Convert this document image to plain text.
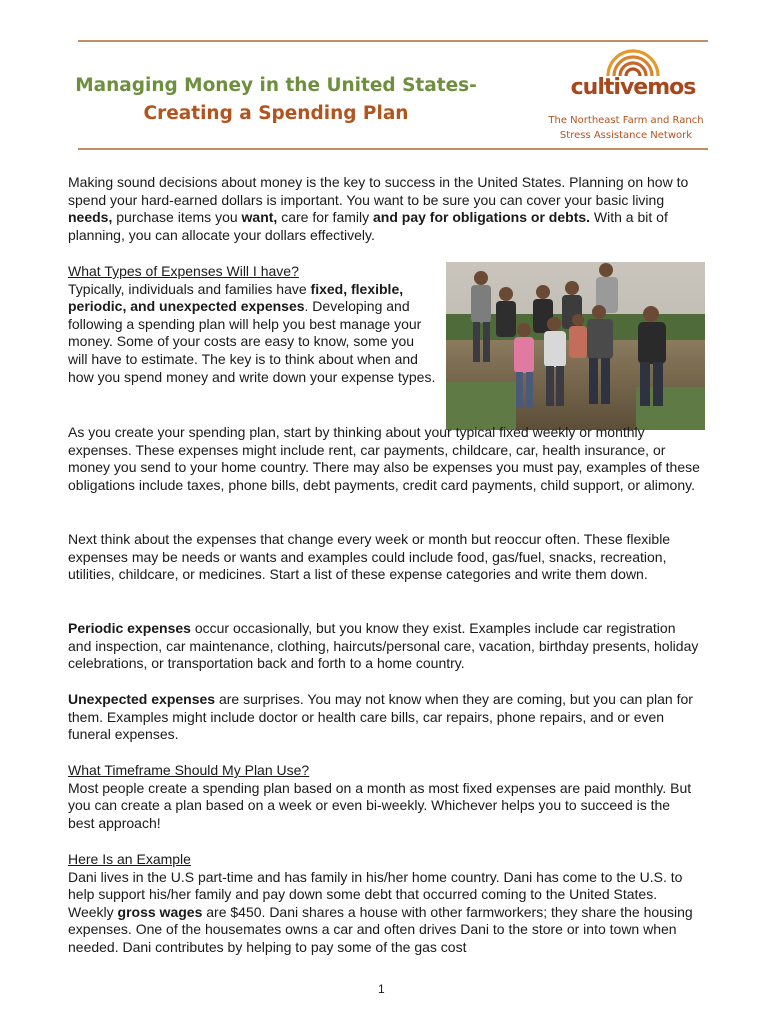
Managing Money in the United States-
Creating a Spending Plan
cultivemos
The Northeast Farm and Ranch
Stress Assistance Network

Making sound decisions about money is the key to success in the United States. Planning on how to spend your hard-earned dollars is important. You want to be sure you can cover your basic living needs, purchase items you want, care for family and pay for obligations or debts. With a bit of planning, you can allocate your dollars effectively.

What Types of Expenses Will I have?

Typically, individuals and families have fixed, flexible, periodic, and unexpected expenses. Developing and following a spending plan will help you best manage your money. Some of your costs are easy to know, some you will have to estimate. The key is to think about when and how you spend money and write down your expense types.

As you create your spending plan, start by thinking about your typical fixed weekly or monthly expenses. These expenses might include rent, car payments, childcare, car, health insurance, or money you send to your home country. There may also be expenses you must pay, examples of these obligations include taxes, phone bills, debt payments, credit card payments, child support, or alimony.

Next think about the expenses that change every week or month but reoccur often. These flexible expenses may be needs or wants and examples could include food, gas/fuel, snacks, recreation, utilities, childcare, or medicines. Start a list of these expense categories and write them down.

Periodic expenses occur occasionally, but you know they exist. Examples include car registration and inspection, car maintenance, clothing, haircuts/personal care, vacation, birthday presents, holiday celebrations, or transportation back and forth to a home country.

Unexpected expenses are surprises. You may not know when they are coming, but you can plan for them. Examples might include doctor or health care bills, car repairs, phone repairs, and or even funeral expenses.

What Timeframe Should My Plan Use?

Most people create a spending plan based on a month as most fixed expenses are paid monthly. But you can create a plan based on a week or even bi-weekly. Whichever helps you to succeed is the best approach!

Here Is an Example

Dani lives in the U.S part-time and has family in his/her home country. Dani has come to the U.S. to help support his/her family and pay down some debt that occurred coming to the United States. Weekly gross wages are $450. Dani shares a house with other farmworkers; they share the housing expenses. One of the housemates owns a car and often drives Dani to the store or into town when needed. Dani contributes by helping to pay some of the gas cost

1
